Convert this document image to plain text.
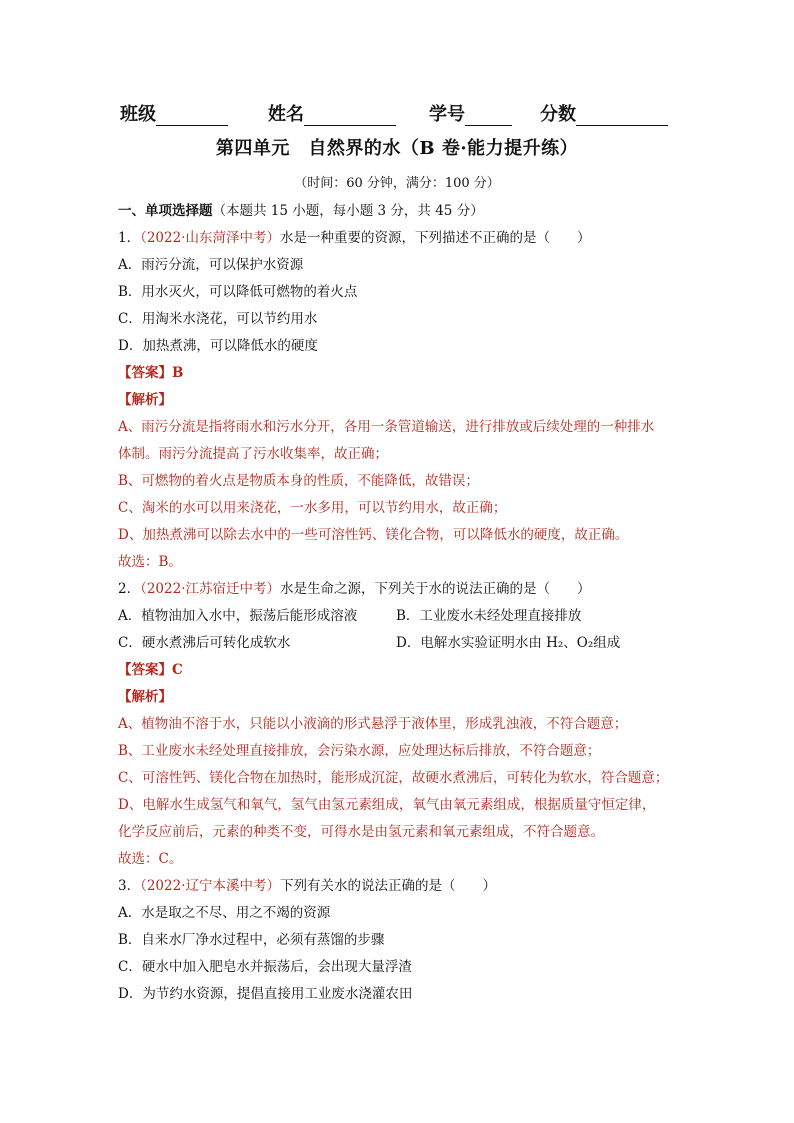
班级	姓名	学号	分数
第四单元　自然界的水（B 卷·能力提升练）
（时间：60 分钟，满分：100 分）
一、单项选择题（本题共 15 小题，每小题 3 分，共 45 分）
1．（2022·山东菏泽中考）水是一种重要的资源，下列描述不正确的是（　　）
A．雨污分流，可以保护水资源
B．用水灭火，可以降低可燃物的着火点
C．用淘米水浇花，可以节约用水
D．加热煮沸，可以降低水的硬度
【答案】B
【解析】
A、雨污分流是指将雨水和污水分开，各用一条管道输送，进行排放或后续处理的一种排水
体制。雨污分流提高了污水收集率，故正确；
B、可燃物的着火点是物质本身的性质，不能降低，故错误；
C、淘米的水可以用来浇花，一水多用，可以节约用水，故正确；
D、加热煮沸可以除去水中的一些可溶性钙、镁化合物，可以降低水的硬度，故正确。
故选：B。
2．（2022·江苏宿迁中考）水是生命之源，下列关于水的说法正确的是（　　）
A．植物油加入水中，振荡后能形成溶液	B．工业废水未经处理直接排放
C．硬水煮沸后可转化成软水	D．电解水实验证明水由 H₂、O₂组成
【答案】C
【解析】
A、植物油不溶于水，只能以小液滴的形式悬浮于液体里，形成乳浊液，不符合题意；
B、工业废水未经处理直接排放，会污染水源，应处理达标后排放，不符合题意；
C、可溶性钙、镁化合物在加热时，能形成沉淀，故硬水煮沸后，可转化为软水，符合题意；
D、电解水生成氢气和氧气，氢气由氢元素组成，氧气由氧元素组成，根据质量守恒定律，
化学反应前后，元素的种类不变，可得水是由氢元素和氧元素组成，不符合题意。
故选：C。
3．（2022·辽宁本溪中考）下列有关水的说法正确的是（　　）
A．水是取之不尽、用之不竭的资源
B．自来水厂净水过程中，必须有蒸馏的步骤
C．硬水中加入肥皂水并振荡后，会出现大量浮渣
D．为节约水资源，提倡直接用工业废水浇灌农田
